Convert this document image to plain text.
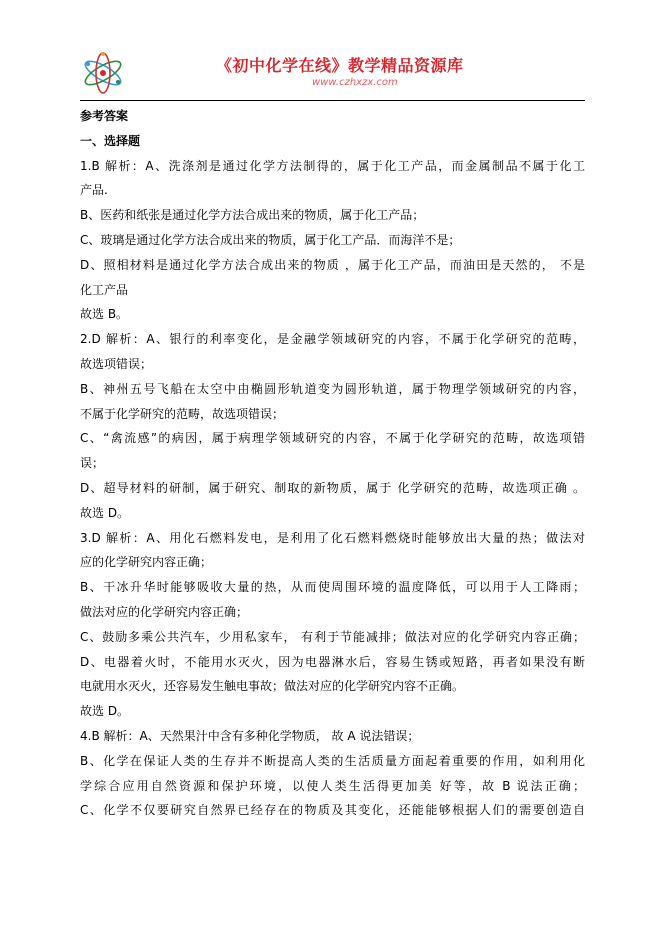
《初中化学在线》教学精品资源库
www.czhxzx.com
参考答案
一、选择题
1.B 解析：A、洗涤剂是通过化学方法制得的，属于化工产品，而金属制品不属于化工
产品.
B、医药和纸张是通过化学方法合成出来的物质，属于化工产品；
C、玻璃是通过化学方法合成出来的物质，属于化工产品．而海洋不是；
D、照相材料是通过化学方法合成出来的物质 ，属于化工产品，而油田是天然的， 不是
化工产品
故选 B。
2.D 解析：A、银行的利率变化，是金融学领域研究的内容，不属于化学研究的范畴，
故选项错误；
B、神州五号飞船在太空中由椭圆形轨道变为圆形轨道，属于物理学领域研究的内容，
不属于化学研究的范畴，故选项错误；
C、“禽流感”的病因，属于病理学领域研究的内容，不属于化学研究的范畴，故选项错
误；
D、超导材料的研制，属于研究、制取的新物质，属于 化学研究的范畴，故选项正确 。
故选 D。
3.D 解析：A、用化石燃料发电，是利用了化石燃料燃烧时能够放出大量的热；做法对
应的化学研究内容正确；
B、干冰升华时能够吸收大量的热，从而使周围环境的温度降低，可以用于人工降雨；
做法对应的化学研究内容正确；
C、鼓励多乘公共汽车，少用私家车， 有利于节能减排；做法对应的化学研究内容正确；
D、电器着火时，不能用水灭火，因为电器淋水后，容易生锈或短路，再者如果没有断
电就用水灭火，还容易发生触电事故；做法对应的化学研究内容不正确。
故选 D。
4.B 解析：A、天然果汁中含有多种化学物质， 故 A 说法错误；
B、化学在保证人类的生存并不断提高人类的生活质量方面起着重要的作用，如利用化
学综合应用自然资源和保护环境，以使人类生活得更加美 好等，故 B 说法正确；
C、化学不仅要研究自然界已经存在的物质及其变化，还能能够根据人们的需要创造自
